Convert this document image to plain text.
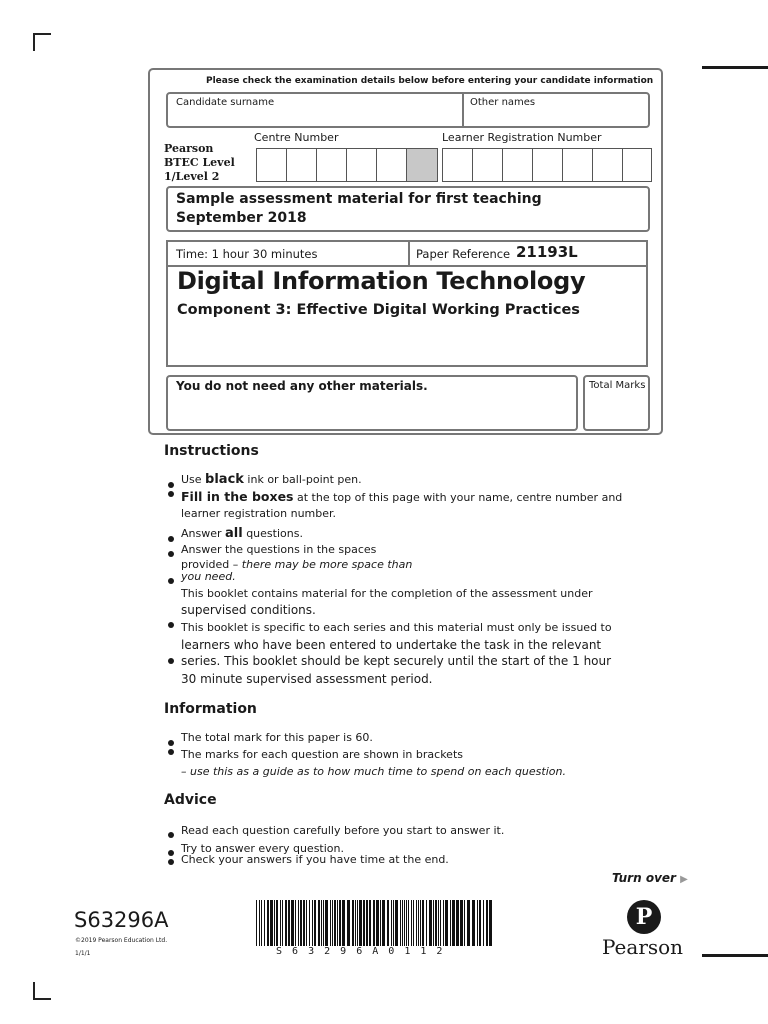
Please check the examination details below before entering your candidate information
Candidate surname	Other names
Pearson
BTEC Level
1/Level 2
Centre Number	Learner Registration Number
Sample assessment material for first teaching
September 2018
Time: 1 hour 30 minutes	Paper Reference 21193L
Digital Information Technology
Component 3: Effective Digital Working Practices
You do not need any other materials.	Total Marks
Instructions
Use black ink or ball-point pen.
Fill in the boxes at the top of this page with your name, centre number and
learner registration number.
Answer all questions.
Answer the questions in the spaces
provided – there may be more space than
you need.
This booklet contains material for the completion of the assessment under
supervised conditions.
This booklet is specific to each series and this material must only be issued to
learners who have been entered to undertake the task in the relevant
series. This booklet should be kept securely until the start of the 1 hour
30 minute supervised assessment period.
Information
The total mark for this paper is 60.
The marks for each question are shown in brackets
– use this as a guide as to how much time to spend on each question.
Advice
Read each question carefully before you start to answer it.
Try to answer every question.
Check your answers if you have time at the end.
Turn over ▶
S63296A
©2019 Pearson Education Ltd.
1/1/1	S 6 3 2 9 6 A 0 1 1 2
P
Pearson
